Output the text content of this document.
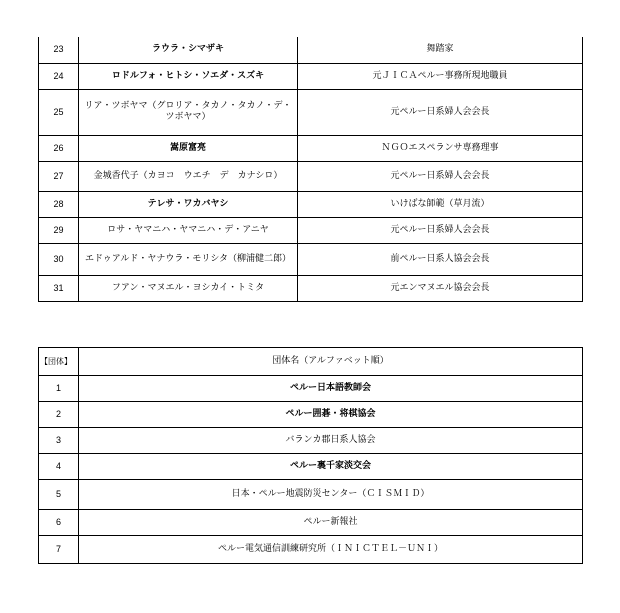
23	ラウラ・シマザキ	舞踏家
24	ロドルフォ・ヒトシ・ソエダ・スズキ	元ＪＩＣＡペルー事務所現地職員
25	リア・ツボヤマ（グロリア・タカノ・タカノ・デ・ツボヤマ）	元ペルー日系婦人会会長
26	嵩原富亮	ＮＧＯエスペランサ専務理事
27	金城香代子（カヨコ　ウエチ　デ　カナシロ）	元ペルー日系婦人会会長
28	テレサ・ワカバヤシ	いけばな師範（草月流）
29	ロサ・ヤマニハ・ヤマニハ・デ・アニヤ	元ペルー日系婦人会会長
30	エドゥアルド・ヤナウラ・モリシタ（柳浦健二郎）	前ペルー日系人協会会長
31	フアン・マヌエル・ヨシカイ・トミタ	元エンマヌエル協会会長
【団体】	団体名（アルファベット順）
1	ペルー日本語教師会
2	ペルー囲碁・将棋協会
3	バランカ郡日系人協会
4	ペルー裏千家淡交会
5	日本・ペルー地震防災センター（ＣＩＳＭＩＤ）
6	ペルー新報社
7	ペルー電気通信訓練研究所（ＩＮＩＣＴＥＬ－ＵＮＩ）
